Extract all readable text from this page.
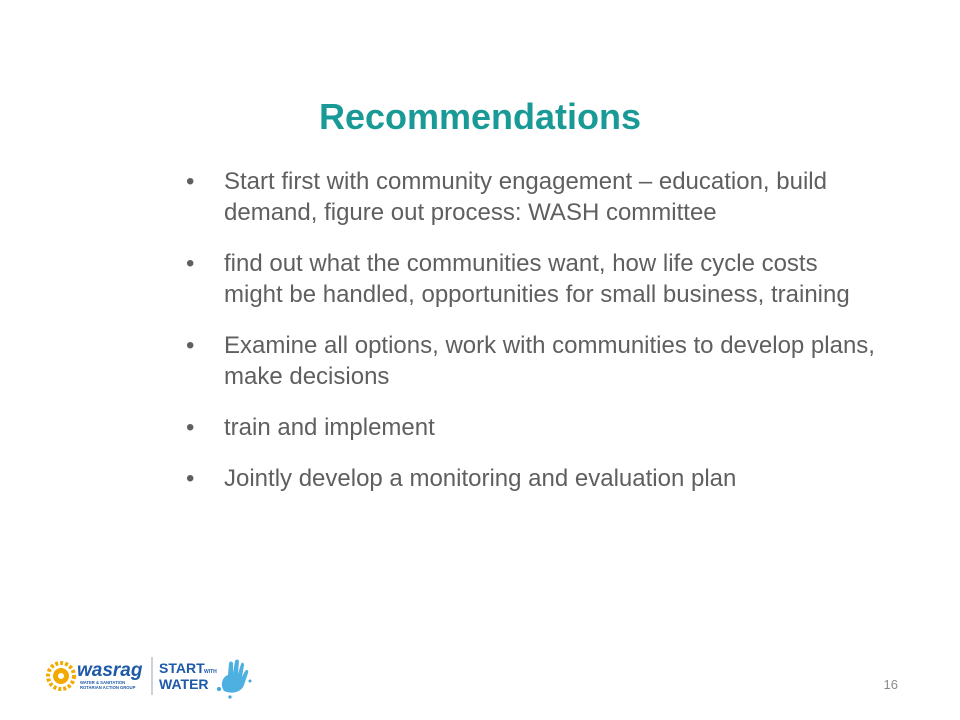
Recommendations
• Start first with community engagement – education, build demand, figure out process: WASH committee
• find out what the communities want, how life cycle costs might be handled, opportunities for small business, training
• Examine all options, work with communities to develop plans, make decisions
• train and implement
• Jointly develop a monitoring and evaluation plan
wasrag
WATER & SANITATION
ROTARIAN ACTION GROUP
START WITH
WATER	16
